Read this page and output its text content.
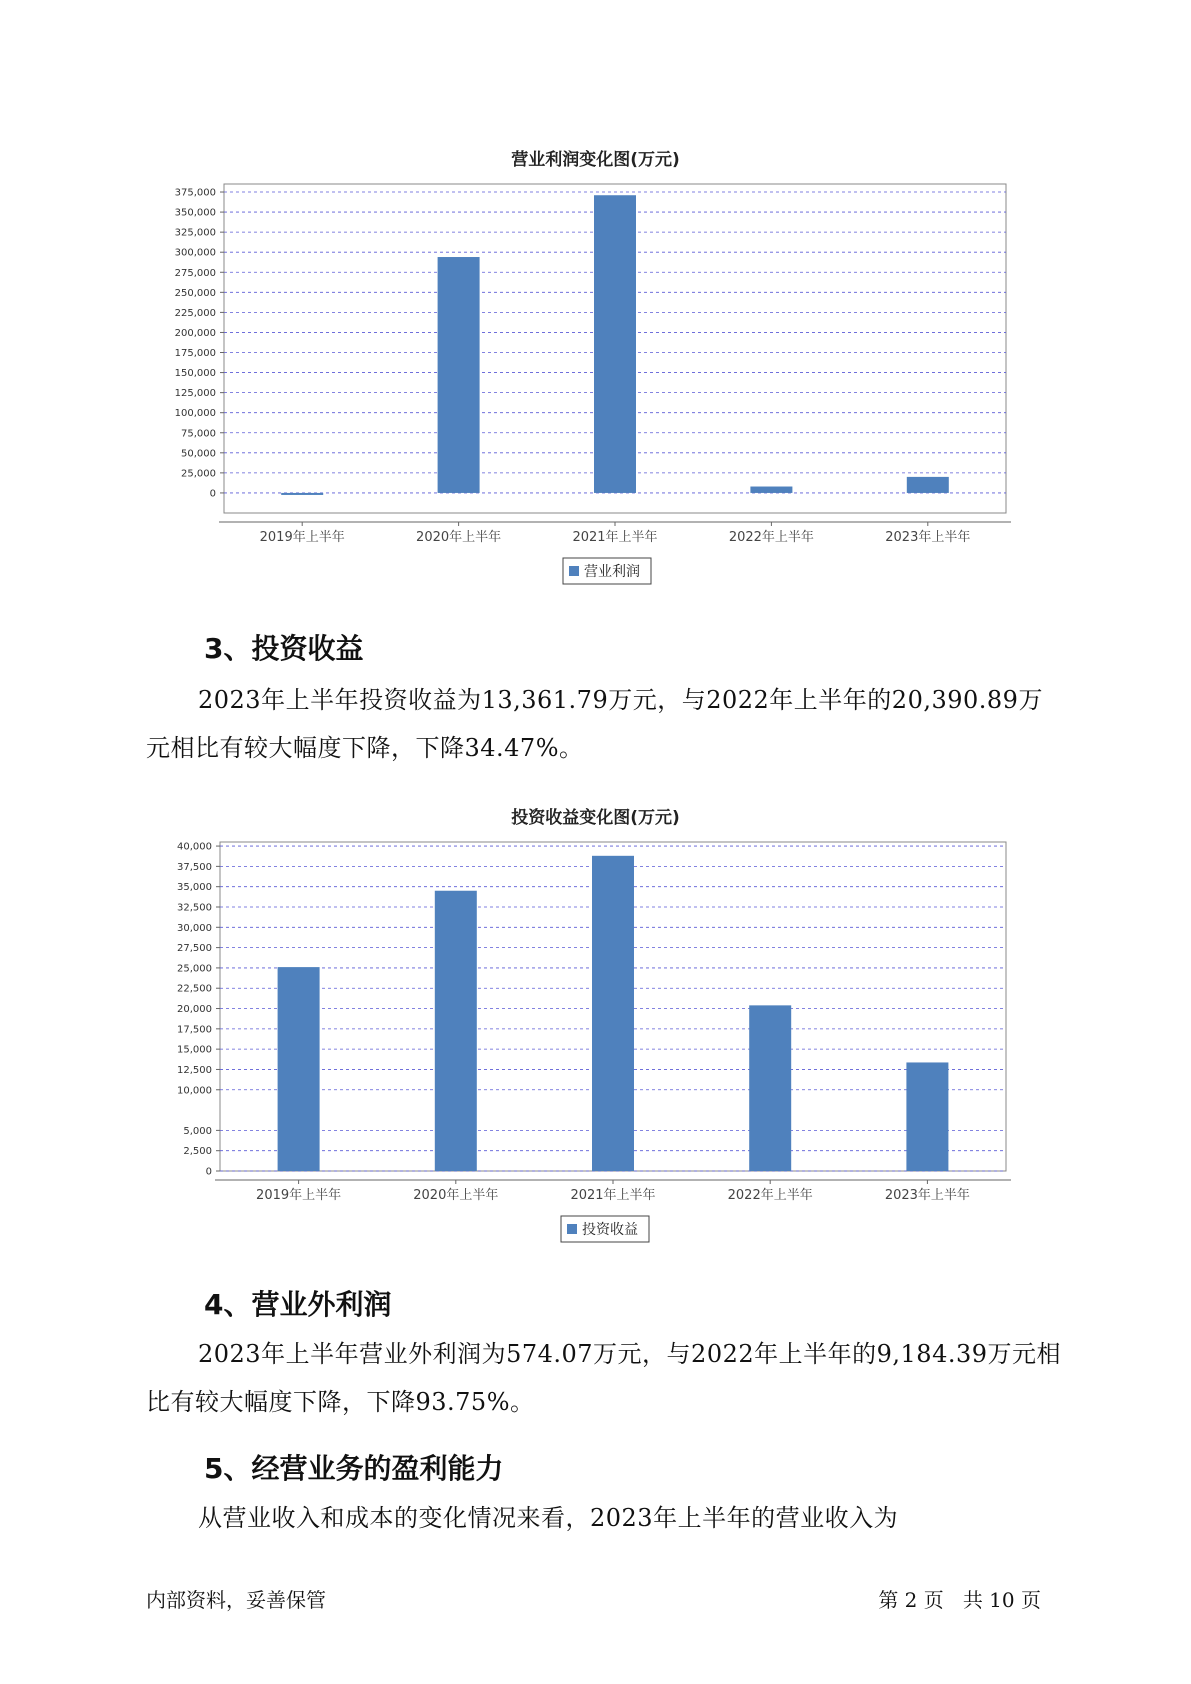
营业利润变化图(万元)
375,000
350,000
325,000
300,000
275,000
250,000
225,000
200,000
175,000
150,000
125,000
100,000
75,000
50,000
25,000
0
2019年上半年	2020年上半年	2021年上半年	2022年上半年	2023年上半年
营业利润
3、投资收益

2023年上半年投资收益为13,361.79万元，与2022年上半年的20,390.89万元相比有较大幅度下降，下降34.47%。

投资收益变化图(万元)
40,000
37,500
35,000
32,500
30,000
27,500
25,000
22,500
20,000
17,500
15,000
12,500
10,000
5,000
2,500
0
2019年上半年	2020年上半年	2021年上半年	2022年上半年	2023年上半年
投资收益
4、营业外利润

2023年上半年营业外利润为574.07万元，与2022年上半年的9,184.39万元相比有较大幅度下降，下降93.75%。

5、经营业务的盈利能力

从营业收入和成本的变化情况来看，2023年上半年的营业收入为

内部资料，妥善保管	第 2 页   共 10 页
